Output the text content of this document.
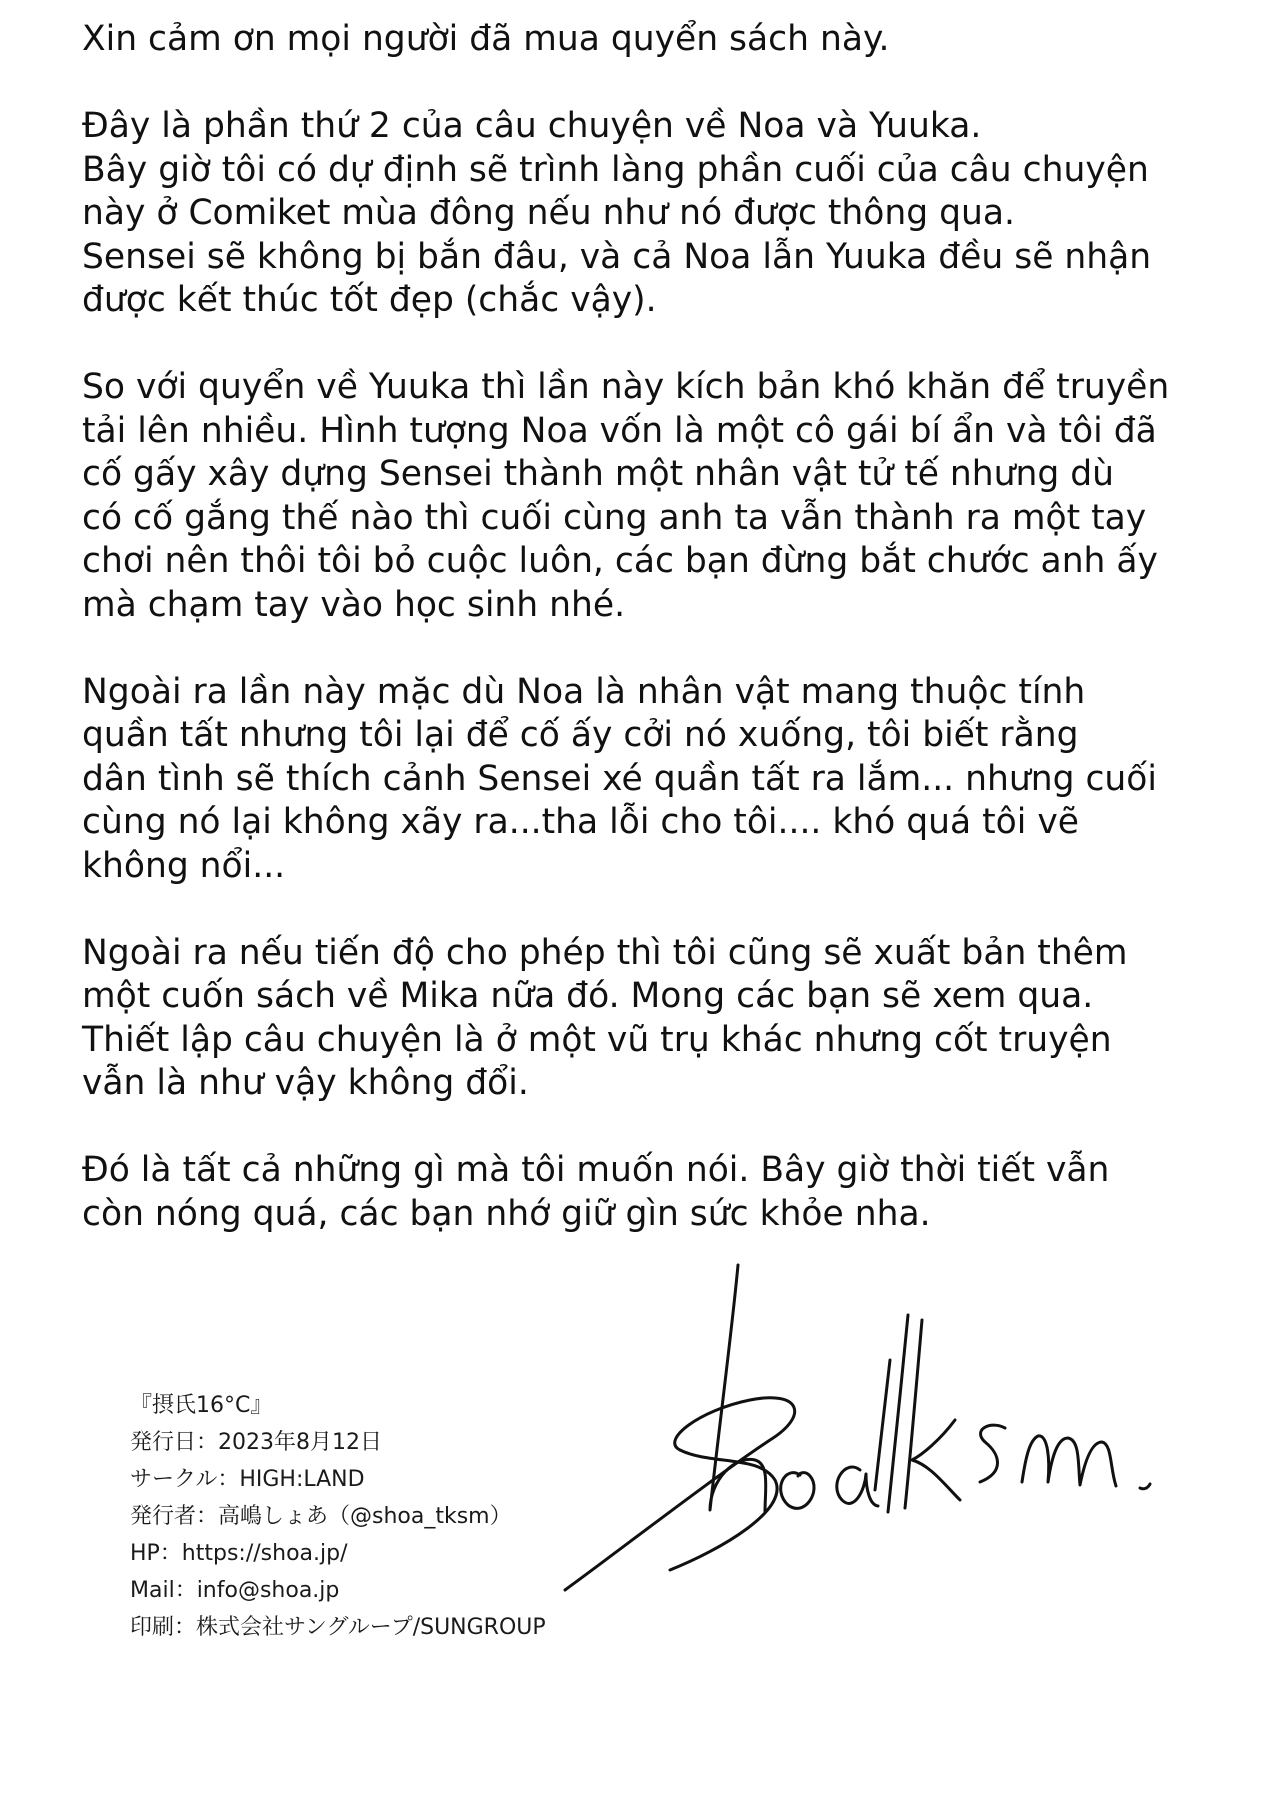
Xin cảm ơn mọi người đã mua quyển sách này.

Đây là phần thứ 2 của câu chuyện về Noa và Yuuka.
Bây giờ tôi có dự định sẽ trình làng phần cuối của câu chuyện
này ở Comiket mùa đông nếu như nó được thông qua.
Sensei sẽ không bị bắn đâu, và cả Noa lẫn Yuuka đều sẽ nhận
được kết thúc tốt đẹp (chắc vậy).

So với quyển về Yuuka thì lần này kích bản khó khăn để truyền
tải lên nhiều. Hình tượng Noa vốn là một cô gái bí ẩn và tôi đã
cố gấy xây dựng Sensei thành một nhân vật tử tế nhưng dù
có cố gắng thế nào thì cuối cùng anh ta vẫn thành ra một tay
chơi nên thôi tôi bỏ cuộc luôn, các bạn đừng bắt chước anh ấy
mà chạm tay vào học sinh nhé.

Ngoài ra lần này mặc dù Noa là nhân vật mang thuộc tính
quần tất nhưng tôi lại để cố ấy cởi nó xuống, tôi biết rằng
dân tình sẽ thích cảnh Sensei xé quần tất ra lắm... nhưng cuối
cùng nó lại không xãy ra...tha lỗi cho tôi.... khó quá tôi vẽ
không nổi...

Ngoài ra nếu tiến độ cho phép thì tôi cũng sẽ xuất bản thêm
một cuốn sách về Mika nữa đó. Mong các bạn sẽ xem qua.
Thiết lập câu chuyện là ở một vũ trụ khác nhưng cốt truyện
vẫn là như vậy không đổi.

Đó là tất cả những gì mà tôi muốn nói. Bây giờ thời tiết vẫn
còn nóng quá, các bạn nhớ giữ gìn sức khỏe nha.

『摂氏16°C』
発行日：2023年8月12日
サークル：HIGH:LAND
発行者：高嶋しょあ（@shoa_tksm）
HP：https://shoa.jp/
Mail：info@shoa.jp
印刷：株式会社サングループ/SUNGROUP
